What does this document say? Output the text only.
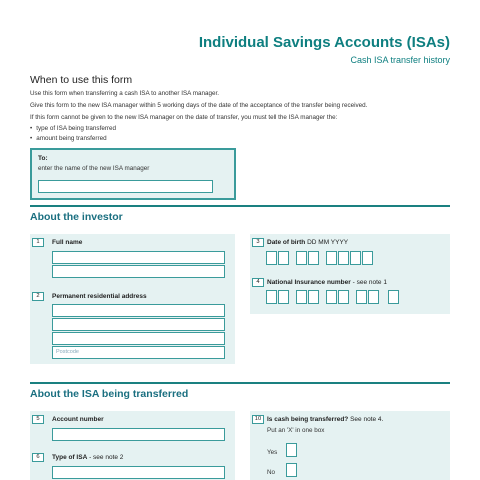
Individual Savings Accounts (ISAs)
Cash ISA transfer history
When to use this form
Use this form when transferring a cash ISA to another ISA manager.
Give this form to the new ISA manager within 5 working days of the date of the acceptance of the transfer being received.
If this form cannot be given to the new ISA manager on the date of transfer, you must tell the ISA manager the:
• type of ISA being transferred
• amount being transferred
To:
enter the name of the new ISA manager
About the investor
1	Full name
2	Permanent residential address
Postcode
3	Date of birth DD MM YYYY
4	National Insurance number - see note 1
About the ISA being transferred
5	Account number
6	Type of ISA - see note 2
10 Is cash being transferred? See note 4.
Put an 'X' in one box
Yes
No
